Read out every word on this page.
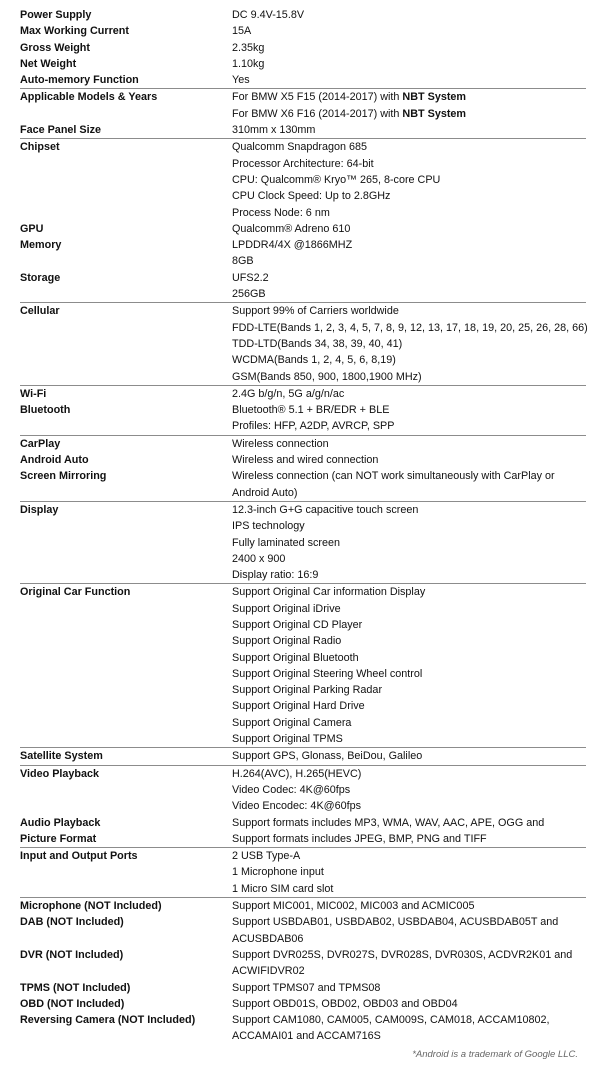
Power Supply	DC 9.4V-15.8V
Max Working Current	15A
Gross Weight	2.35kg
Net Weight	1.10kg
Auto-memory Function	Yes
Applicable Models & Years	For BMW X5 F15 (2014-2017) with NBT System
For BMW X6 F16 (2014-2017) with NBT System
Face Panel Size	310mm x 130mm
Chipset	Qualcomm Snapdragon 685
Processor Architecture: 64-bit
CPU: Qualcomm® Kryo™ 265, 8-core CPU
CPU Clock Speed: Up to 2.8GHz
Process Node: 6 nm
GPU	Qualcomm® Adreno 610
Memory	LPDDR4/4X @1866MHZ
8GB
Storage	UFS2.2
256GB
Cellular	Support 99% of Carriers worldwide
FDD-LTE(Bands 1, 2, 3, 4, 5, 7, 8, 9, 12, 13, 17, 18, 19, 20, 25, 26, 28, 66)
TDD-LTD(Bands 34, 38, 39, 40, 41)
WCDMA(Bands 1, 2, 4, 5, 6, 8,19)
GSM(Bands 850, 900, 1800,1900 MHz)
Wi-Fi	2.4G b/g/n, 5G a/g/n/ac
Bluetooth	Bluetooth® 5.1 + BR/EDR + BLE
Profiles: HFP, A2DP, AVRCP, SPP
CarPlay	Wireless connection
Android Auto	Wireless and wired connection
Screen Mirroring	Wireless connection (can NOT work simultaneously with CarPlay or
Android Auto)
Display	12.3-inch G+G capacitive touch screen
IPS technology
Fully laminated screen
2400 x 900
Display ratio: 16:9
Original Car Function	Support Original Car information Display
Support Original iDrive
Support Original CD Player
Support Original Radio
Support Original Bluetooth
Support Original Steering Wheel control
Support Original Parking Radar
Support Original Hard Drive
Support Original Camera
Support Original TPMS
Satellite System	Support GPS, Glonass, BeiDou, Galileo
Video Playback	H.264(AVC), H.265(HEVC)
Video Codec: 4K@60fps
Video Encodec: 4K@60fps
Audio Playback	Support formats includes MP3, WMA, WAV, AAC, APE, OGG and
Picture Format	Support formats includes JPEG, BMP, PNG and TIFF
Input and Output Ports	2 USB Type-A
1 Microphone input
1 Micro SIM card slot
Microphone (NOT Included)	Support MIC001, MIC002, MIC003 and ACMIC005
DAB (NOT Included)	Support USBDAB01, USBDAB02, USBDAB04, ACUSBDAB05T and
ACUSBDAB06
DVR (NOT Included)	Support DVR025S, DVR027S, DVR028S, DVR030S, ACDVR2K01 and
ACWIFIDVR02
TPMS (NOT Included)	Support TPMS07 and TPMS08
OBD (NOT Included)	Support OBD01S, OBD02, OBD03 and OBD04
Reversing Camera (NOT Included)	Support CAM1080, CAM005, CAM009S, CAM018, ACCAM10802,
ACCAMAI01 and ACCAM716S
*Android is a trademark of Google LLC.
